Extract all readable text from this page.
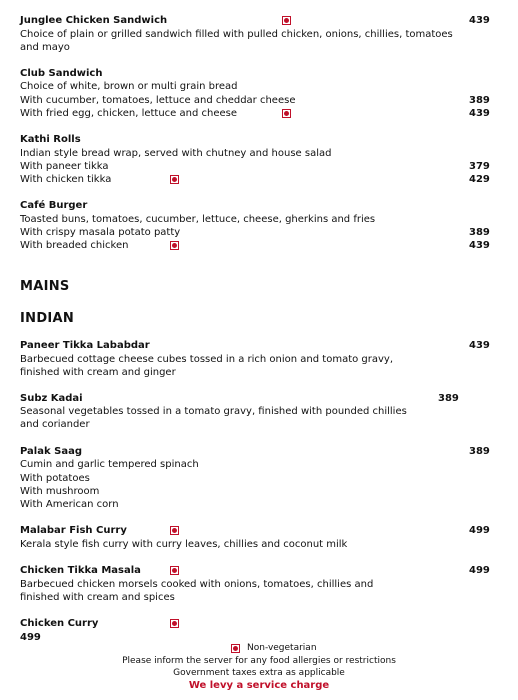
Junglee Chicken Sandwich	439
Choice of plain or grilled sandwich filled with pulled chicken, onions, chillies, tomatoes
and mayo
Club Sandwich
Choice of white, brown or multi grain bread
With cucumber, tomatoes, lettuce and cheddar cheese	389
With fried egg, chicken, lettuce and cheese	439
Kathi Rolls
Indian style bread wrap, served with chutney and house salad
With paneer tikka	379
With chicken tikka	429
Café Burger
Toasted buns, tomatoes, cucumber, lettuce, cheese, gherkins and fries
With crispy masala potato patty	389
With breaded chicken	439
MAINS
INDIAN
Paneer Tikka Lababdar	439
Barbecued cottage cheese cubes tossed in a rich onion and tomato gravy,
finished with cream and ginger
Subz Kadai	389
Seasonal vegetables tossed in a tomato gravy, finished with pounded chillies
and coriander
Palak Saag	389
Cumin and garlic tempered spinach
With potatoes
With mushroom
With American corn
Malabar Fish Curry	499
Kerala style fish curry with curry leaves, chillies and coconut milk
Chicken Tikka Masala	499
Barbecued chicken morsels cooked with onions, tomatoes, chillies and
finished with cream and spices
Chicken Curry
499
Non-vegetarian
Please inform the server for any food allergies or restrictions
Government taxes extra as applicable
We levy a service charge
